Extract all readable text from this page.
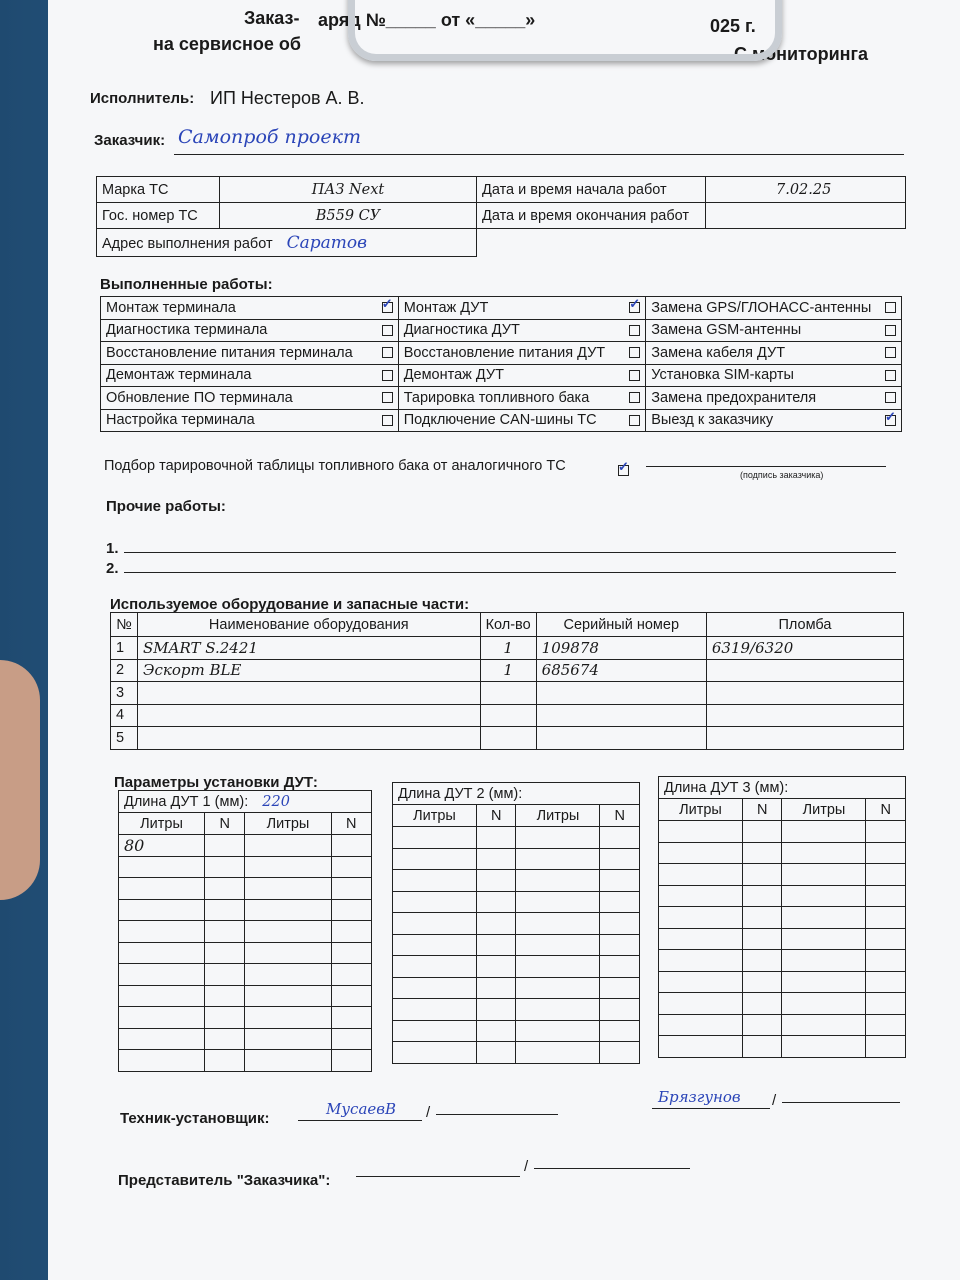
Заказ- аряд №_____ от «_____»	025 г.
на сервисное об	С мониторинга
Исполнитель: ИП Нестеров А. В.
Заказчик: Самопроб проект
Марка ТС	ПАЗ Next	Дата и время начала работ	7.02.25
Гос. номер ТС	В559 СУ	Дата и время окончания работ	
Адрес выполнения работ Саратов			
Выполненные работы:
Монтаж терминала	✓	Монтаж ДУТ	✓	Замена GPS/ГЛОНАСС-антенны	
Диагностика терминала		Диагностика ДУТ		Замена GSM-антенны	
Восстановление питания терминала		Восстановление питания ДУТ		Замена кабеля ДУТ	
Демонтаж терминала		Демонтаж ДУТ		Установка SIM-карты	
Обновление ПО терминала		Тарировка топливного бака		Замена предохранителя	
Настройка терминала		Подключение CAN-шины ТС		Выезд к заказчику	✓
Подбор тарировочной таблицы топливного бака от аналогичного ТС
✓
(подпись заказчика)
Прочие работы:
1.
2.
Используемое оборудование и запасные части:
№	Наименование оборудования	Кол-во	Серийный номер	Пломба
1	SMART S.2421	1	109878	6319/6320
2	Эскорт BLE	1	685674	
3				
4				
5				
Параметры установки ДУТ:
Техник-установщик:
МусаевВ /
Брязгунов /
Представитель "Заказчика":
/
Длина ДУТ 1 (мм): 220			
Литры	N	Литры	N
80			

Длина ДУТ 2 (мм):			
Литры	N	Литры	N

Длина ДУТ 3 (мм):			
Литры	N	Литры	N
